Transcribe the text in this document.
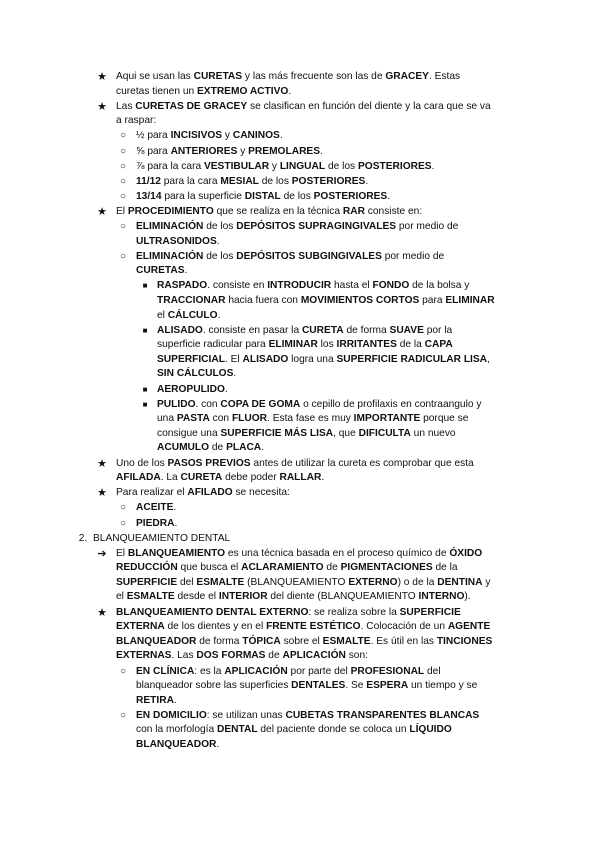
★ Aqui se usan las CURETAS y las más frecuente son las de GRACEY. Estas
curetas tienen un EXTREMO ACTIVO.
★ Las CURETAS DE GRACEY se clasifican en función del diente y la cara que se va
a raspar:
○ ½ para INCISIVOS y CANINOS.
○ ⅝ para ANTERIORES y PREMOLARES.
○ ⅞ para la cara VESTIBULAR y LINGUAL de los POSTERIORES.
○ 11/12 para la cara MESIAL de los POSTERIORES.
○ 13/14 para la superficie DISTAL de los POSTERIORES.
★ El PROCEDIMIENTO que se realiza en la técnica RAR consiste en:
○ ELIMINACIÓN de los DEPÓSITOS SUPRAGINGIVALES por medio de
ULTRASONIDOS.
○ ELIMINACIÓN de los DEPÓSITOS SUBGINGIVALES por medio de
CURETAS.
■ RASPADO. consiste en INTRODUCIR hasta el FONDO de la bolsa y
TRACCIONAR hacia fuera con MOVIMIENTOS CORTOS para ELIMINAR
el CÁLCULO.
■ ALISADO. consiste en pasar la CURETA de forma SUAVE por la
superficie radicular para ELIMINAR los IRRITANTES de la CAPA
SUPERFICIAL. El ALISADO logra una SUPERFICIE RADICULAR LISA,
SIN CÁLCULOS.
■ AEROPULIDO.
■ PULIDO. con COPA DE GOMA o cepillo de profilaxis en contraangulo y
una PASTA con FLUOR. Esta fase es muy IMPORTANTE porque se
consigue una SUPERFICIE MÁS LISA, que DIFICULTA un nuevo
ACUMULO de PLACA.
★ Uno de los PASOS PREVIOS antes de utilizar la cureta es comprobar que esta
AFILADA. La CURETA debe poder RALLAR.
★ Para realizar el AFILADO se necesita:
○ ACEITE.
○ PIEDRA.
2. BLANQUEAMIENTO DENTAL
➔ El BLANQUEAMIENTO es una técnica basada en el proceso químico de ÓXIDO
REDUCCIÓN que busca el ACLARAMIENTO de PIGMENTACIONES de la
SUPERFICIE del ESMALTE (BLANQUEAMIENTO EXTERNO) o de la DENTINA y
el ESMALTE desde el INTERIOR del diente (BLANQUEAMIENTO INTERNO).
★ BLANQUEAMIENTO DENTAL EXTERNO: se realiza sobre la SUPERFICIE
EXTERNA de los dientes y en el FRENTE ESTÉTICO. Colocación de un AGENTE
BLANQUEADOR de forma TÓPICA sobre el ESMALTE. Es útil en las TINCIONES
EXTERNAS. Las DOS FORMAS de APLICACIÓN son:
○ EN CLÍNICA: es la APLICACIÓN por parte del PROFESIONAL del
blanqueador sobre las superficies DENTALES. Se ESPERA un tiempo y se
RETIRA.
○ EN DOMICILIO: se utilizan unas CUBETAS TRANSPARENTES BLANCAS
con la morfología DENTAL del paciente donde se coloca un LÍQUIDO
BLANQUEADOR.
